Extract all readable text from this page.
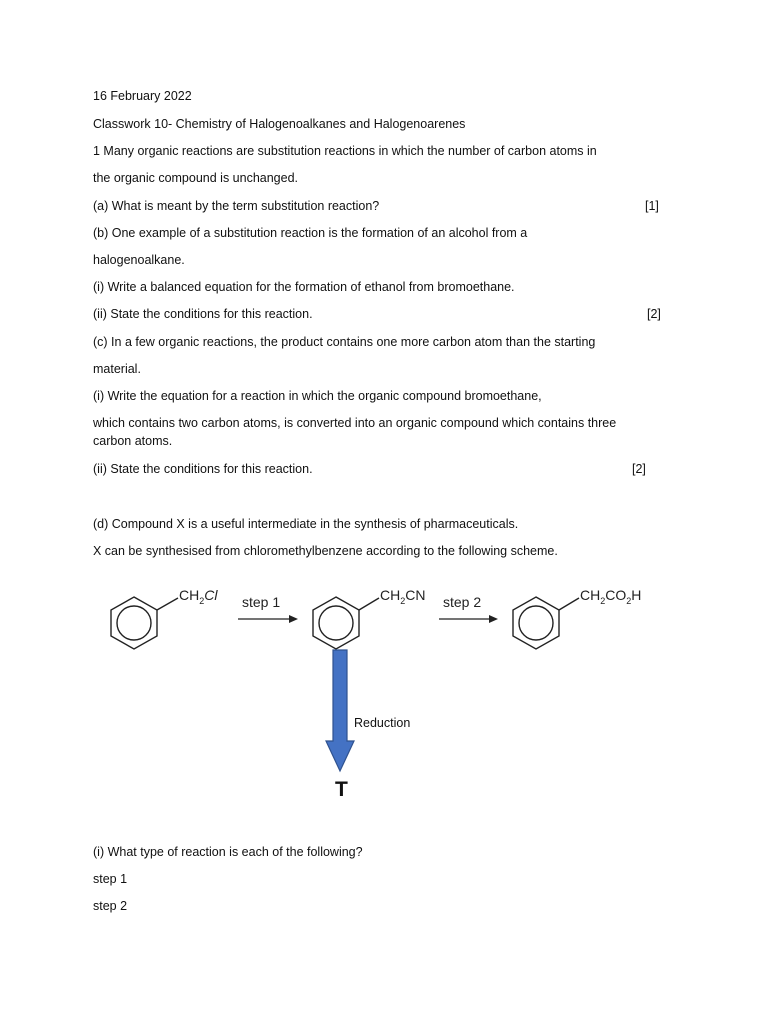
16 February 2022
Classwork 10- Chemistry of Halogenoalkanes and Halogenoarenes
1 Many organic reactions are substitution reactions in which the number of carbon atoms in
the organic compound is unchanged.
(a) What is meant by the term substitution reaction?	[1]
(b) One example of a substitution reaction is the formation of an alcohol from a
halogenoalkane.
(i) Write a balanced equation for the formation of ethanol from bromoethane.
(ii) State the conditions for this reaction.	[2]
(c) In a few organic reactions, the product contains one more carbon atom than the starting
material.
(i) Write the equation for a reaction in which the organic compound bromoethane,
which contains two carbon atoms, is converted into an organic compound which contains three
carbon atoms.
(ii) State the conditions for this reaction.	[2]
(d) Compound X is a useful intermediate in the synthesis of pharmaceuticals.
X can be synthesised from chloromethylbenzene according to the following scheme.
$CH_2Cl$ step 1	$CH_2CN$ step 2	$CH_2CO_2H$
Reduction
T
(i) What type of reaction is each of the following?
step 1
step 2
